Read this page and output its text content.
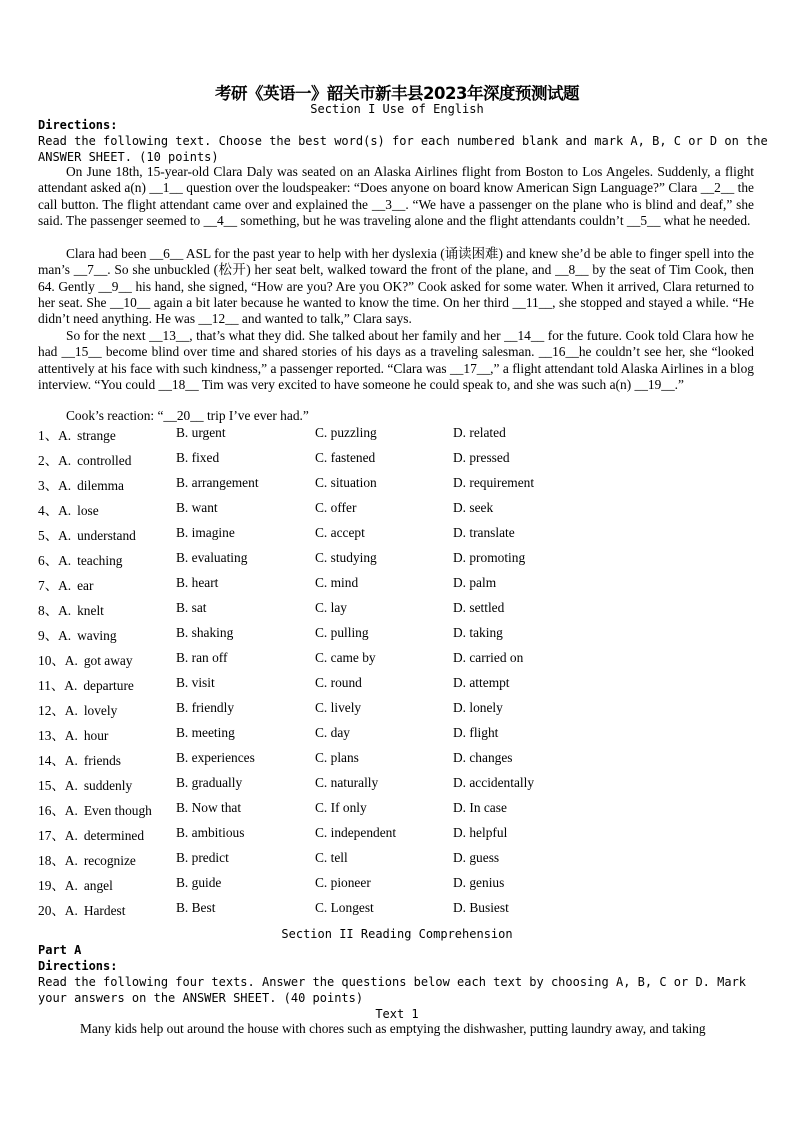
考研《英语一》韶关市新丰县2023年深度预测试题
Section I Use of English
Directions:
Read the following text. Choose the best word(s) for each numbered blank and mark A, B, C or D on the
ANSWER SHEET. (10 points)
On June 18th, 15-year-old Clara Daly was seated on an Alaska Airlines flight from Boston to Los Angeles. Suddenly, a flight attendant asked a(n) __1__ question over the loudspeaker: “Does anyone on board know American Sign Language?” Clara __2__ the call button. The flight attendant came over and explained the __3__. “We have a passenger on the plane who is blind and deaf,” she said. The passenger seemed to __4__ something, but he was traveling alone and the flight attendants couldn’t __5__ what he needed.
Clara had been __6__ ASL for the past year to help with her dyslexia (诵读困难) and knew she’d be able to finger spell into the man’s __7__. So she unbuckled (松开) her seat belt, walked toward the front of the plane, and __8__ by the seat of Tim Cook, then 64. Gently __9__ his hand, she signed, “How are you? Are you OK?” Cook asked for some water. When it arrived, Clara returned to her seat. She __10__ again a bit later because he wanted to know the time. On her third __11__, she stopped and stayed a while. “He didn’t need anything. He was __12__ and wanted to talk,” Clara says.
So for the next __13__, that’s what they did. She talked about her family and her __14__ for the future. Cook told Clara how he had __15__ become blind over time and shared stories of his days as a traveling salesman. __16__he couldn’t see her, she “looked attentively at his face with such kindness,” a passenger reported. “Clara was __17__,” a flight attendant told Alaska Airlines in a blog interview. “You could __18__ Tim was very excited to have someone he could speak to, and she was such a(n) __19__.”
Cook’s reaction: “__20__ trip I’ve ever had.”
1、A. strange	B. urgent	C. puzzling	D. related
2、A. controlled	B. fixed	C. fastened	D. pressed
3、A. dilemma	B. arrangement	C. situation	D. requirement
4、A. lose	B. want	C. offer	D. seek
5、A. understand	B. imagine	C. accept	D. translate
6、A. teaching	B. evaluating	C. studying	D. promoting
7、A. ear	B. heart	C. mind	D. palm
8、A. knelt	B. sat	C. lay	D. settled
9、A. waving	B. shaking	C. pulling	D. taking
10、A. got away	B. ran off	C. came by	D. carried on
11、A. departure	B. visit	C. round	D. attempt
12、A. lovely	B. friendly	C. lively	D. lonely
13、A. hour	B. meeting	C. day	D. flight
14、A. friends	B. experiences	C. plans	D. changes
15、A. suddenly	B. gradually	C. naturally	D. accidentally
16、A. Even though B. Now that	C. If only	D. In case
17、A. determined B. ambitious	C. independent	D. helpful
18、A. recognize	B. predict	C. tell	D. guess
19、A. angel	B. guide	C. pioneer	D. genius
20、A. Hardest	B. Best	C. Longest	D. Busiest
Section II Reading Comprehension
Part A
Directions:
Read the following four texts. Answer the questions below each text by choosing A, B, C or D. Mark
your answers on the ANSWER SHEET. (40 points)
Text 1
Many kids help out around the house with chores such as emptying the dishwasher, putting laundry away, and taking
